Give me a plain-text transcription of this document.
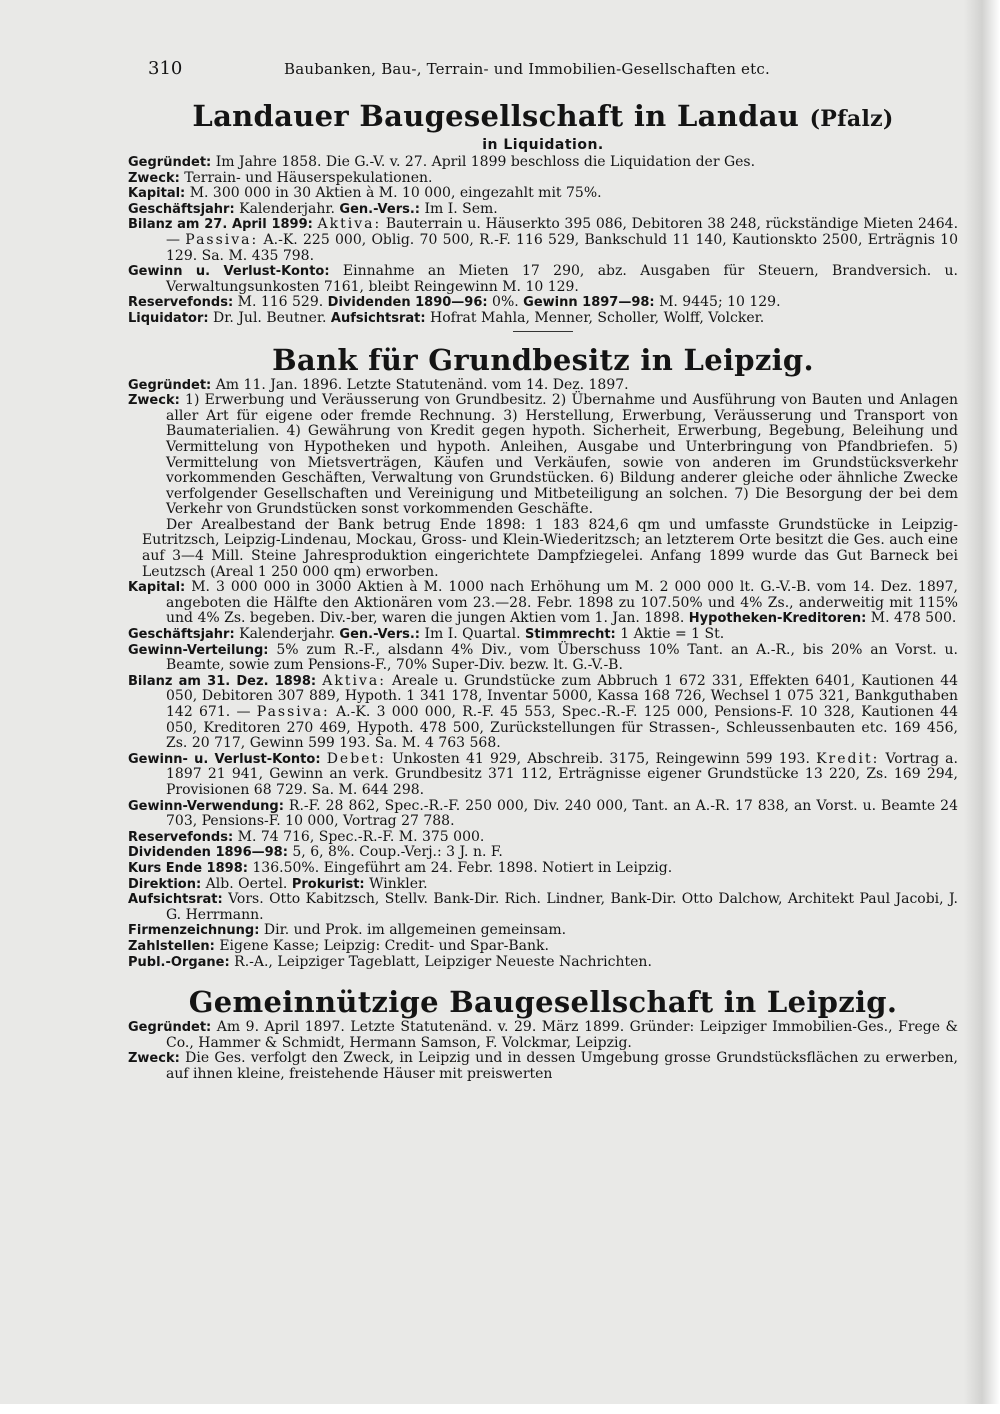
310	Baubanken, Bau-, Terrain- und Immobilien-Gesellschaften etc.
Landauer Baugesellschaft in Landau (Pfalz)

in Liquidation.

Gegründet: Im Jahre 1858. Die G.-V. v. 27. April 1899 beschloss die Liquidation der Ges.

Zweck: Terrain- und Häuserspekulationen.

Kapital: M. 300 000 in 30 Aktien à M. 10 000, eingezahlt mit 75%.

Geschäftsjahr: Kalenderjahr. Gen.-Vers.: Im I. Sem.

Bilanz am 27. April 1899: Aktiva: Bauterrain u. Häuserkto 395 086, Debitoren 38 248, rückständige Mieten 2464. — Passiva: A.-K. 225 000, Oblig. 70 500, R.-F. 116 529, Bankschuld 11 140, Kautionskto 2500, Erträgnis 10 129. Sa. M. 435 798.

Gewinn u. Verlust-Konto: Einnahme an Mieten 17 290, abz. Ausgaben für Steuern, Brandversich. u. Verwaltungsunkosten 7161, bleibt Reingewinn M. 10 129.

Reservefonds: M. 116 529. Dividenden 1890—96: 0%. Gewinn 1897—98: M. 9445; 10 129.

Liquidator: Dr. Jul. Beutner. Aufsichtsrat: Hofrat Mahla, Menner, Scholler, Wolff, Volcker.

Bank für Grundbesitz in Leipzig.

Gegründet: Am 11. Jan. 1896. Letzte Statutenänd. vom 14. Dez. 1897.

Zweck: 1) Erwerbung und Veräusserung von Grundbesitz. 2) Übernahme und Ausführung von Bauten und Anlagen aller Art für eigene oder fremde Rechnung. 3) Herstellung, Erwerbung, Veräusserung und Transport von Baumaterialien. 4) Gewährung von Kredit gegen hypoth. Sicherheit, Erwerbung, Begebung, Beleihung und Vermittelung von Hypotheken und hypoth. Anleihen, Ausgabe und Unterbringung von Pfandbriefen. 5) Vermittelung von Mietsverträgen, Käufen und Verkäufen, sowie von anderen im Grundstücksverkehr vorkommenden Geschäften, Verwaltung von Grundstücken. 6) Bildung anderer gleiche oder ähnliche Zwecke verfolgender Gesellschaften und Vereinigung und Mitbeteiligung an solchen. 7) Die Besorgung der bei dem Verkehr von Grundstücken sonst vorkommenden Geschäfte.

Der Arealbestand der Bank betrug Ende 1898: 1 183 824,6 qm und umfasste Grundstücke in Leipzig-Eutritzsch, Leipzig-Lindenau, Mockau, Gross- und Klein-Wiederitzsch; an letzterem Orte besitzt die Ges. auch eine auf 3—4 Mill. Steine Jahresproduktion eingerichtete Dampfziegelei. Anfang 1899 wurde das Gut Barneck bei Leutzsch (Areal 1 250 000 qm) erworben.

Kapital: M. 3 000 000 in 3000 Aktien à M. 1000 nach Erhöhung um M. 2 000 000 lt. G.-V.-B. vom 14. Dez. 1897, angeboten die Hälfte den Aktionären vom 23.—28. Febr. 1898 zu 107.50% und 4% Zs., anderweitig mit 115% und 4% Zs. begeben. Div.-ber, waren die jungen Aktien vom 1. Jan. 1898. Hypotheken-Kreditoren: M. 478 500.

Geschäftsjahr: Kalenderjahr. Gen.-Vers.: Im I. Quartal. Stimmrecht: 1 Aktie = 1 St.

Gewinn-Verteilung: 5% zum R.-F., alsdann 4% Div., vom Überschuss 10% Tant. an A.-R., bis 20% an Vorst. u. Beamte, sowie zum Pensions-F., 70% Super-Div. bezw. lt. G.-V.-B.

Bilanz am 31. Dez. 1898: Aktiva: Areale u. Grundstücke zum Abbruch 1 672 331, Effekten 6401, Kautionen 44 050, Debitoren 307 889, Hypoth. 1 341 178, Inventar 5000, Kassa 168 726, Wechsel 1 075 321, Bankguthaben 142 671. — Passiva: A.-K. 3 000 000, R.-F. 45 553, Spec.-R.-F. 125 000, Pensions-F. 10 328, Kautionen 44 050, Kreditoren 270 469, Hypoth. 478 500, Zurückstellungen für Strassen-, Schleussenbauten etc. 169 456, Zs. 20 717, Gewinn 599 193. Sa. M. 4 763 568.

Gewinn- u. Verlust-Konto: Debet: Unkosten 41 929, Abschreib. 3175, Reingewinn 599 193. Kredit: Vortrag a. 1897 21 941, Gewinn an verk. Grundbesitz 371 112, Erträgnisse eigener Grundstücke 13 220, Zs. 169 294, Provisionen 68 729. Sa. M. 644 298.

Gewinn-Verwendung: R.-F. 28 862, Spec.-R.-F. 250 000, Div. 240 000, Tant. an A.-R. 17 838, an Vorst. u. Beamte 24 703, Pensions-F. 10 000, Vortrag 27 788.

Reservefonds: M. 74 716, Spec.-R.-F. M. 375 000.

Dividenden 1896—98: 5, 6, 8%. Coup.-Verj.: 3 J. n. F.

Kurs Ende 1898: 136.50%. Eingeführt am 24. Febr. 1898. Notiert in Leipzig.

Direktion: Alb. Oertel. Prokurist: Winkler.

Aufsichtsrat: Vors. Otto Kabitzsch, Stellv. Bank-Dir. Rich. Lindner, Bank-Dir. Otto Dalchow, Architekt Paul Jacobi, J. G. Herrmann.

Firmenzeichnung: Dir. und Prok. im allgemeinen gemeinsam.

Zahlstellen: Eigene Kasse; Leipzig: Credit- und Spar-Bank.

Publ.-Organe: R.-A., Leipziger Tageblatt, Leipziger Neueste Nachrichten.

Gemeinnützige Baugesellschaft in Leipzig.

Gegründet: Am 9. April 1897. Letzte Statutenänd. v. 29. März 1899. Gründer: Leipziger Immobilien-Ges., Frege & Co., Hammer & Schmidt, Hermann Samson, F. Volckmar, Leipzig.

Zweck: Die Ges. verfolgt den Zweck, in Leipzig und in dessen Umgebung grosse Grundstücksflächen zu erwerben, auf ihnen kleine, freistehende Häuser mit preiswerten
